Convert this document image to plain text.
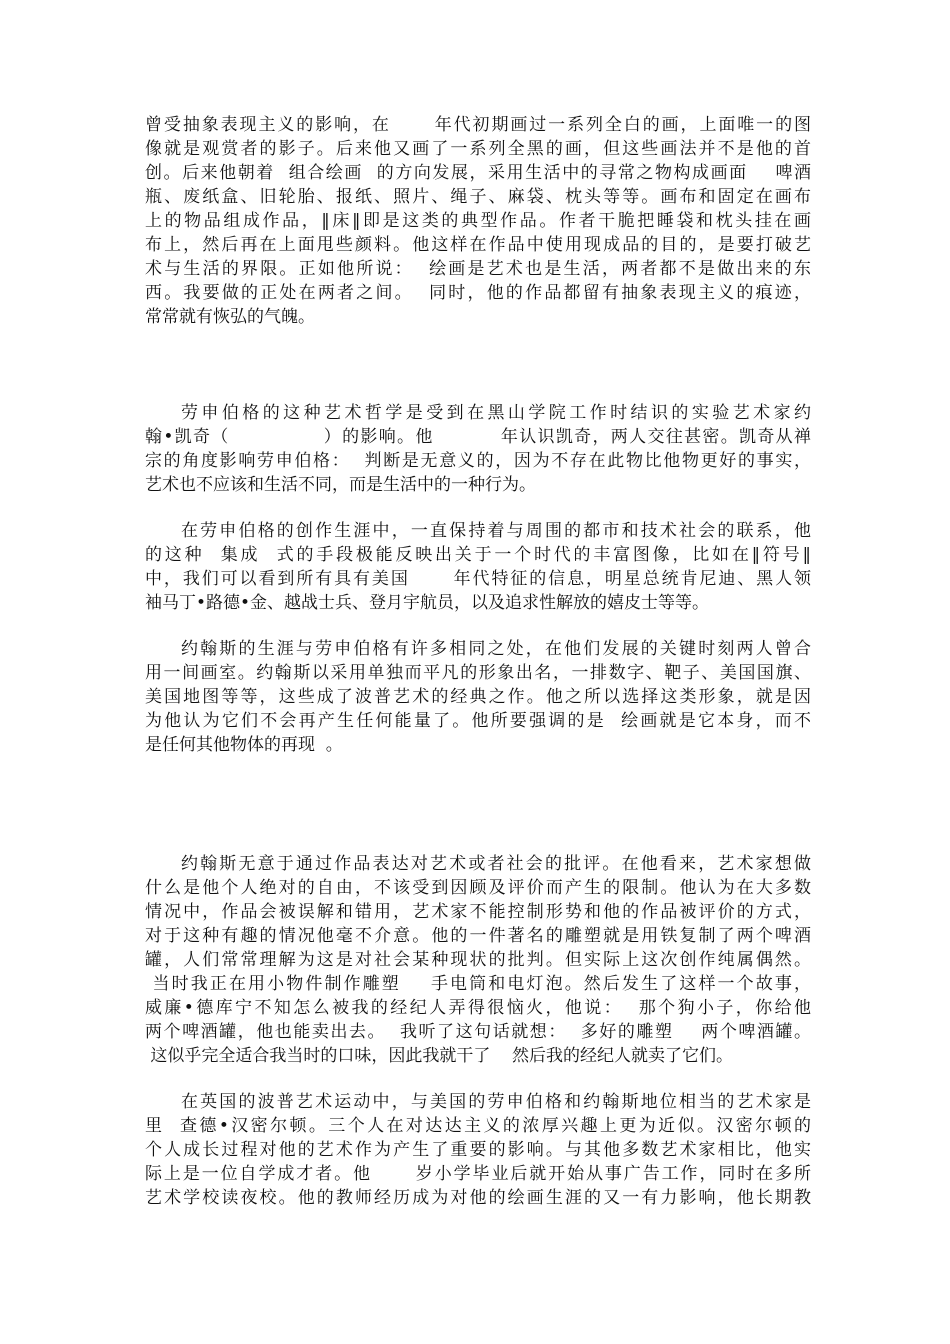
曾受抽象表现主义的影响，在      年代初期画过一系列全白的画，上面唯一的图
像就是观赏者的影子。后来他又画了一系列全黑的画，但这些画法并不是他的首
创。后来他朝着  组合绘画  的方向发展，采用生活中的寻常之物构成画面    啤酒
瓶、废纸盒、旧轮胎、报纸、照片、绳子、麻袋、枕头等等。画布和固定在画布
上的物品组成作品，‖床‖即是这类的典型作品。作者干脆把睡袋和枕头挂在画
布上，然后再在上面甩些颜料。他这样在作品中使用现成品的目的，是要打破艺
术与生活的界限。正如他所说：  绘画是艺术也是生活，两者都不是做出来的东
西。我要做的正处在两者之间。  同时，他的作品都留有抽象表现主义的痕迹，
常常就有恢弘的气魄。
劳申伯格的这种艺术哲学是受到在黑山学院工作时结识的实验艺术家约
翰•凯奇（              ）的影响。他          年认识凯奇，两人交往甚密。凯奇从禅
宗的角度影响劳申伯格：  判断是无意义的，因为不存在此物比他物更好的事实，
艺术也不应该和生活不同，而是生活中的一种行为。
在劳申伯格的创作生涯中，一直保持着与周围的都市和技术社会的联系，他
的这种  集成  式的手段极能反映出关于一个时代的丰富图像，比如在‖符号‖
中，我们可以看到所有具有美国      年代特征的信息，明星总统肯尼迪、黑人领
袖马丁•路德•金、越战士兵、登月宇航员，以及追求性解放的嬉皮士等等。
约翰斯的生涯与劳申伯格有许多相同之处，在他们发展的关键时刻两人曾合
用一间画室。约翰斯以采用单独而平凡的形象出名，一排数字、靶子、美国国旗、
美国地图等等，这些成了波普艺术的经典之作。他之所以选择这类形象，就是因
为他认为它们不会再产生任何能量了。他所要强调的是  绘画就是它本身，而不
是任何其他物体的再现  。
约翰斯无意于通过作品表达对艺术或者社会的批评。在他看来，艺术家想做
什么是他个人绝对的自由，不该受到因顾及评价而产生的限制。他认为在大多数
情况中，作品会被误解和错用，艺术家不能控制形势和他的作品被评价的方式，
对于这种有趣的情况他毫不介意。他的一件著名的雕塑就是用铁复制了两个啤酒
罐，人们常常理解为这是对社会某种现状的批判。但实际上这次创作纯属偶然。
当时我正在用小物件制作雕塑    手电筒和电灯泡。然后发生了这样一个故事，
威廉•德库宁不知怎么被我的经纪人弄得很恼火，他说：  那个狗小子，你给他
两个啤酒罐，他也能卖出去。  我听了这句话就想：  多好的雕塑    两个啤酒罐。
这似乎完全适合我当时的口味，因此我就干了    然后我的经纪人就卖了它们。
在英国的波普艺术运动中，与美国的劳申伯格和约翰斯地位相当的艺术家是
里  查德•汉密尔顿。三个人在对达达主义的浓厚兴趣上更为近似。汉密尔顿的
个人成长过程对他的艺术作为产生了重要的影响。与其他多数艺术家相比，他实
际上是一位自学成才者。他      岁小学毕业后就开始从事广告工作，同时在多所
艺术学校读夜校。他的教师经历成为对他的绘画生涯的又一有力影响，他长期教
